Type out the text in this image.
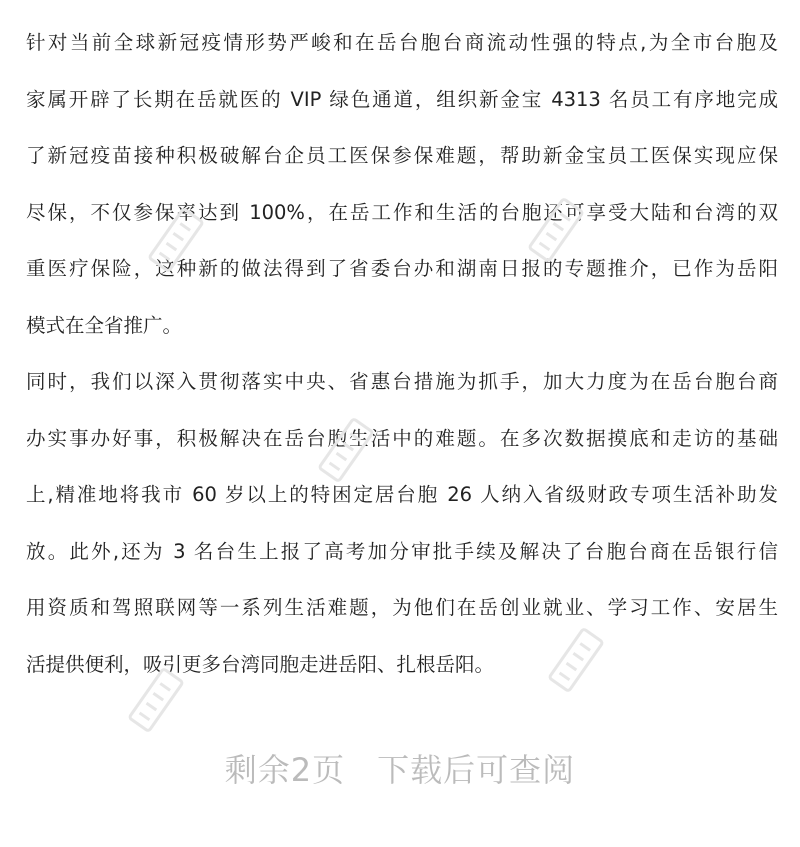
针对当前全球新冠疫情形势严峻和在岳台胞台商流动性强的特点,为全市台胞及
家属开辟了长期在岳就医的 VIP 绿色通道，组织新金宝 4313 名员工有序地完成
了新冠疫苗接种积极破解台企员工医保参保难题，帮助新金宝员工医保实现应保
尽保，不仅参保率达到 100%，在岳工作和生活的台胞还可享受大陆和台湾的双
重医疗保险，这种新的做法得到了省委台办和湖南日报的专题推介，已作为岳阳
模式在全省推广。
同时，我们以深入贯彻落实中央、省惠台措施为抓手，加大力度为在岳台胞台商
办实事办好事，积极解决在岳台胞生活中的难题。在多次数据摸底和走访的基础
上,精准地将我市 60 岁以上的特困定居台胞 26 人纳入省级财政专项生活补助发
放。此外,还为 3 名台生上报了高考加分审批手续及解决了台胞台商在岳银行信
用资质和驾照联网等一系列生活难题，为他们在岳创业就业、学习工作、安居生
活提供便利，吸引更多台湾同胞走进岳阳、扎根岳阳。
剩余2页 下载后可查阅
